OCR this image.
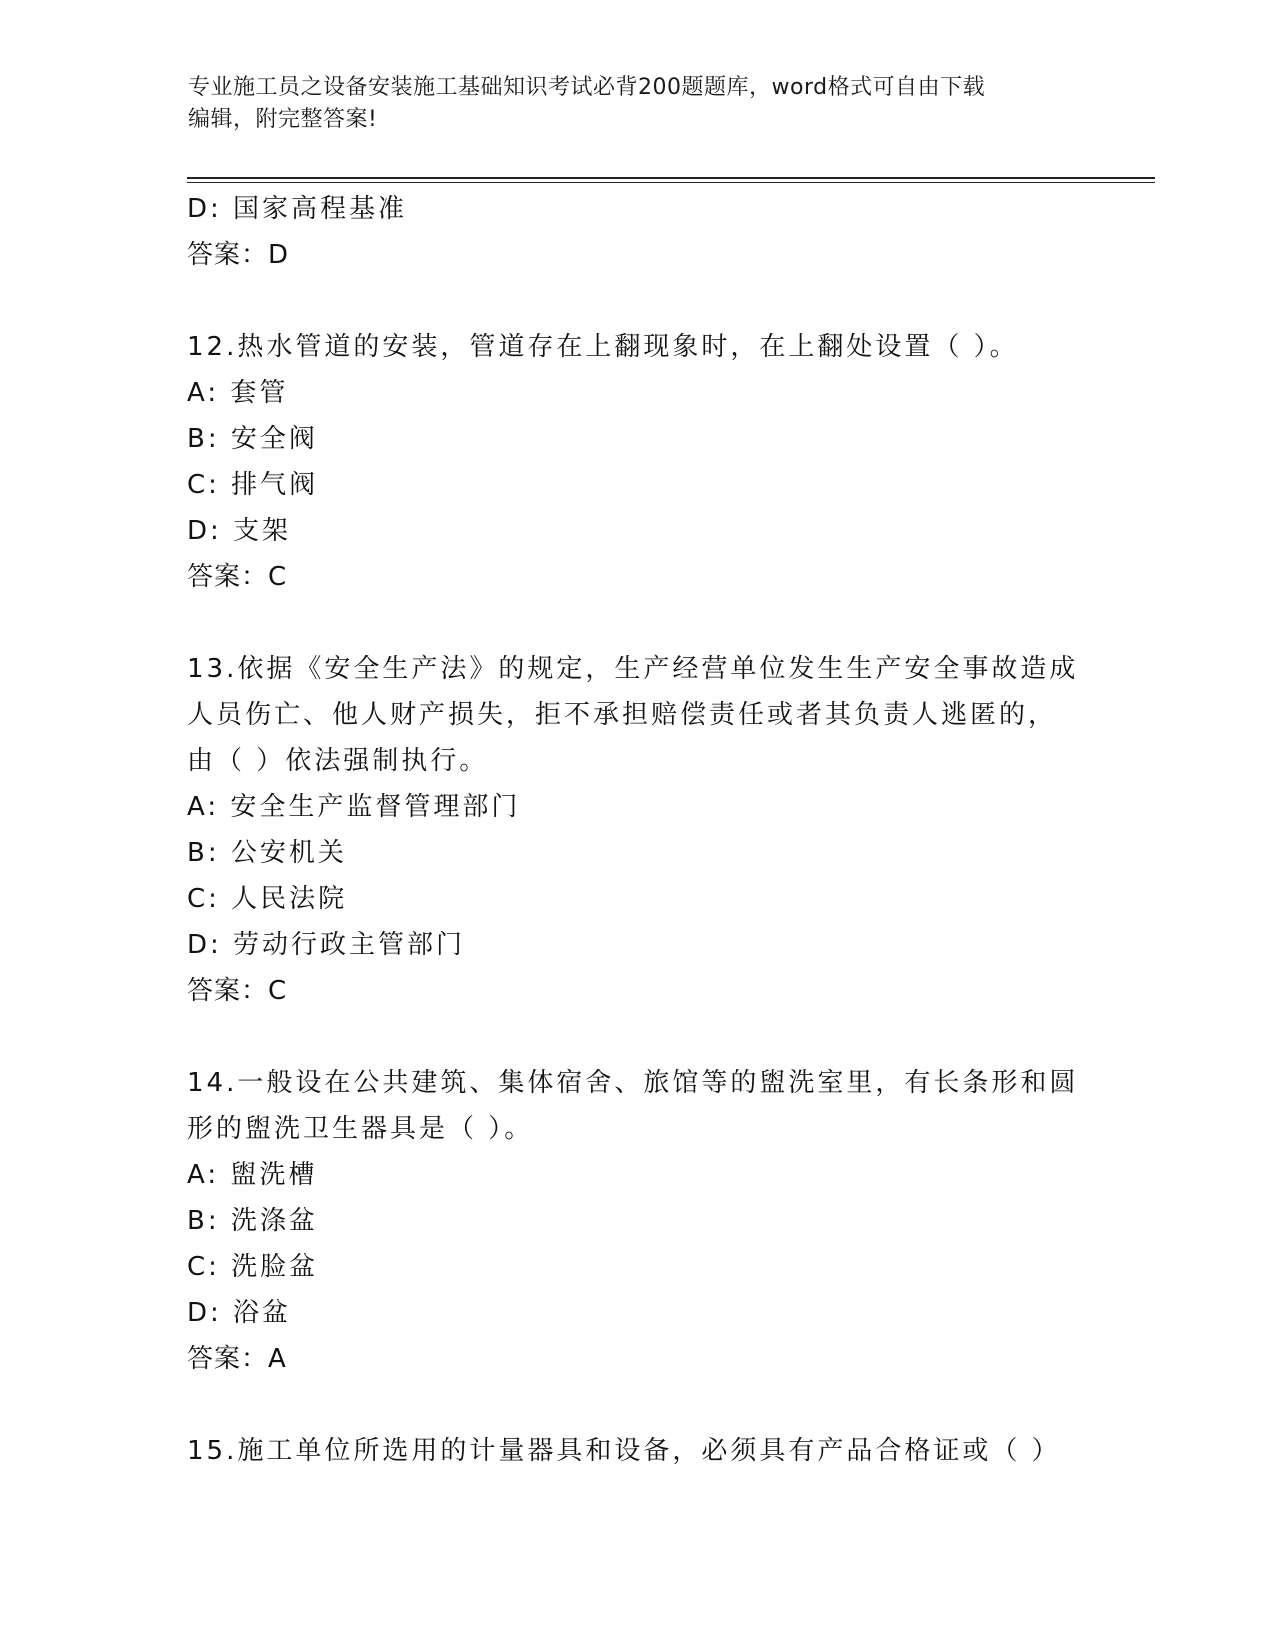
专业施工员之设备安装施工基础知识考试必背200题题库，word格式可自由下载
编辑，附完整答案!
D: 国家高程基准
答案：D
12.热水管道的安装，管道存在上翻现象时，在上翻处设置（ ）。
A: 套管
B: 安全阀
C: 排气阀
D: 支架
答案：C
13.依据《安全生产法》的规定，生产经营单位发生生产安全事故造成
人员伤亡、他人财产损失，拒不承担赔偿责任或者其负责人逃匿的，
由（ ）依法强制执行。
A: 安全生产监督管理部门
B: 公安机关
C: 人民法院
D: 劳动行政主管部门
答案：C
14.一般设在公共建筑、集体宿舍、旅馆等的盥洗室里，有长条形和圆
形的盥洗卫生器具是（ ）。
A: 盥洗槽
B: 洗涤盆
C: 洗脸盆
D: 浴盆
答案：A
15.施工单位所选用的计量器具和设备，必须具有产品合格证或（ ）
